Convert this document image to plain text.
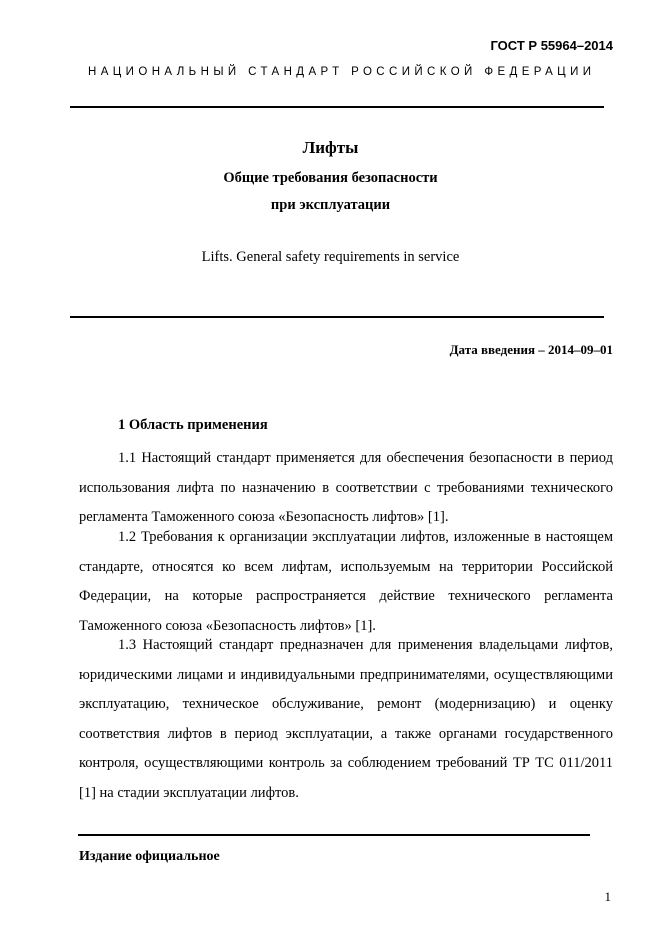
ГОСТ Р 55964–2014
НАЦИОНАЛЬНЫЙ СТАНДАРТ РОССИЙСКОЙ ФЕДЕРАЦИИ
Лифты
Общие требования безопасности
при эксплуатации
Lifts. General safety requirements in service
Дата введения – 2014–09–01
1 Область применения

1.1 Настоящий стандарт применяется для обеспечения безопасности в период использования лифта по назначению в соответствии с требованиями технического регламента Таможенного союза «Безопасность лифтов» [1].

1.2 Требования к организации эксплуатации лифтов, изложенные в настоящем стандарте, относятся ко всем лифтам, используемым на территории Российской Федерации, на которые распространяется действие технического регламента Таможенного союза «Безопасность лифтов» [1].

1.3 Настоящий стандарт предназначен для применения владельцами лифтов, юридическими лицами и индивидуальными предпринимателями, осуществляющими эксплуатацию, техническое обслуживание, ремонт (модернизацию) и оценку соответствия лифтов в период эксплуатации, а также органами государственного контроля, осуществляющими контроль за соблюдением требований ТР ТС 011/2011 [1] на стадии эксплуатации лифтов.

Издание официальное
1
